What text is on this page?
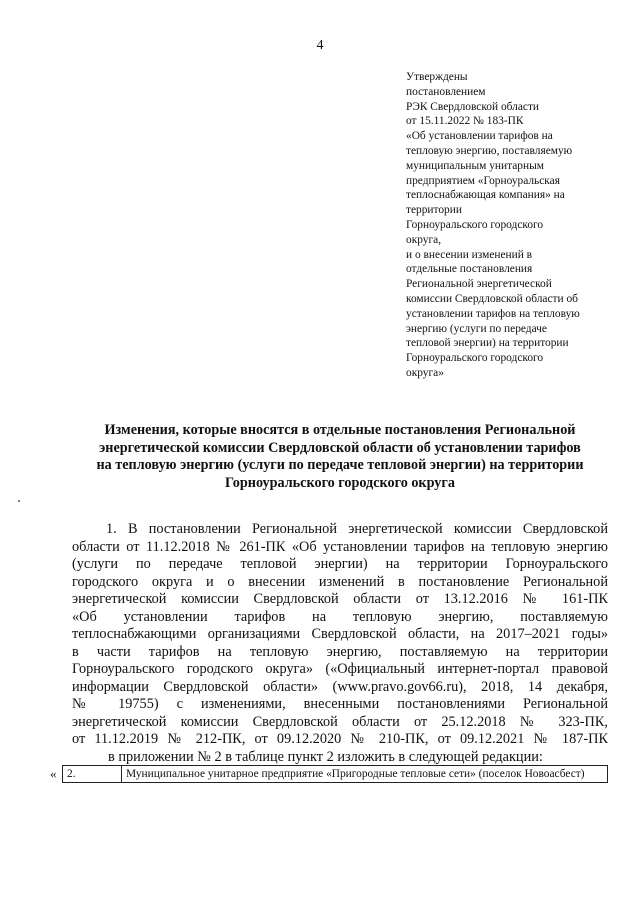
4
Утверждены
постановлением
РЭК Свердловской области
от 15.11.2022 № 183-ПК
«Об установлении тарифов на
тепловую энергию, поставляемую
муниципальным унитарным
предприятием «Горноуральская
теплоснабжающая компания» на
территории
Горноуральского городского
округа,
и о внесении изменений в
отдельные постановления
Региональной энергетической
комиссии Свердловской области об
установлении тарифов на тепловую
энергию (услуги по передаче
тепловой энергии) на территории
Горноуральского городского
округа»
Изменения, которые вносятся в отдельные постановления Региональной
энергетической комиссии Свердловской области об установлении тарифов
на тепловую энергию (услуги по передаче тепловой энергии) на территории
Горноуральского городского округа
1. В постановлении Региональной энергетической комиссии Свердловской
области от 11.12.2018 № 261-ПК «Об установлении тарифов на тепловую энергию
(услуги по передаче тепловой энергии) на территории Горноуральского
городского округа и о внесении изменений в постановление Региональной
энергетической комиссии Свердловской области от 13.12.2016 № 161-ПК
«Об установлении тарифов на тепловую энергию, поставляемую
теплоснабжающими организациями Свердловской области, на 2017–2021 годы»
в части тарифов на тепловую энергию, поставляемую на территории
Горноуральского городского округа» («Официальный интернет-портал правовой
информации Свердловской области» (www.pravo.gov66.ru), 2018, 14 декабря,
№ 19755) с изменениями, внесенными постановлениями Региональной
энергетической комиссии Свердловской области от 25.12.2018 № 323-ПК,
от 11.12.2019 № 212-ПК, от 09.12.2020 № 210-ПК, от 09.12.2021 № 187-ПК
в приложении № 2 в таблице пункт 2 изложить в следующей редакции:
« 2.	Муниципальное унитарное предприятие «Пригородные тепловые сети» (поселок Новоасбест)
